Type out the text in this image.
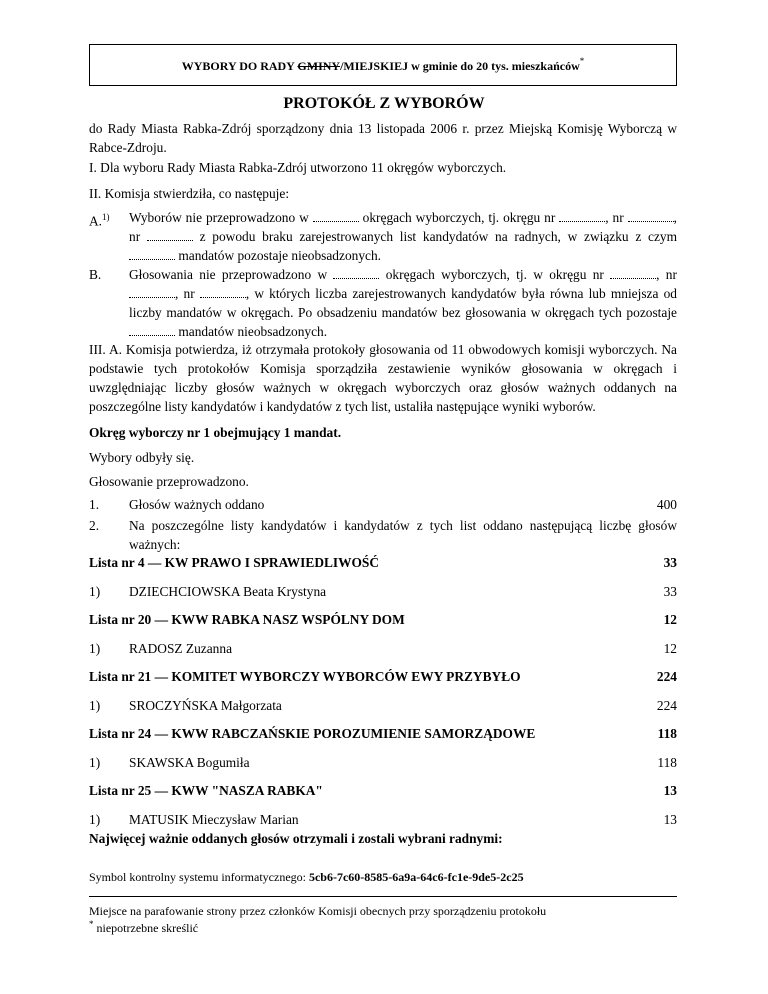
WYBORY DO RADY GMINY/MIEJSKIEJ w gminie do 20 tys. mieszkańców*
PROTOKÓŁ Z WYBORÓW
do Rady Miasta Rabka-Zdrój sporządzony dnia 13 listopada 2006 r. przez Miejską Komisję Wyborczą w Rabce-Zdroju.
I. Dla wyboru Rady Miasta Rabka-Zdrój utworzono 11 okręgów wyborczych.
II. Komisja stwierdziła, co następuje:
A.$^{1)}$ Wyborów nie przeprowadzono w	okręgach wyborczych, tj. okręgu nr	, nr	, nr	z powodu braku zarejestrowanych list kandydatów na radnych, w związku z czym  mandatów pozostaje nieobsadzonych.
B. Głosowania nie przeprowadzono w	okręgach wyborczych, tj. w okręgu nr	, nr , nr	, w których liczba zarejestrowanych kandydatów była równa lub mniejsza od liczby mandatów w okręgach. Po obsadzeniu mandatów bez głosowania w okręgach tych pozostaje  mandatów nieobsadzonych.
III. A. Komisja potwierdza, iż otrzymała protokoły głosowania od 11 obwodowych komisji wyborczych. Na podstawie tych protokołów Komisja sporządziła zestawienie wyników głosowania w okręgach i uwzględniając liczby głosów ważnych w okręgach wyborczych oraz głosów ważnych oddanych na poszczególne listy kandydatów i kandydatów z tych list, ustaliła następujące wyniki wyborów.
Okręg wyborczy nr 1 obejmujący 1 mandat.
Wybory odbyły się.
Głosowanie przeprowadzono.
1. Głosów ważnych oddano	400
2. Na poszczególne listy kandydatów i kandydatów z tych list oddano następującą liczbę głosów ważnych:
Lista nr 4 — KW PRAWO I SPRAWIEDLIWOŚĆ	33
1) DZIECHCIOWSKA Beata Krystyna	33
Lista nr 20 — KWW RABKA NASZ WSPÓLNY DOM	12
1) RADOSZ Zuzanna	12
Lista nr 21 — KOMITET WYBORCZY WYBORCÓW EWY PRZYBYŁO	224
1) SROCZYŃSKA Małgorzata	224
Lista nr 24 — KWW RABCZAŃSKIE POROZUMIENIE SAMORZĄDOWE	118
1) SKAWSKA Bogumiła	118
Lista nr 25 — KWW "NASZA RABKA"	13
1) MATUSIK Mieczysław Marian	13
Najwięcej ważnie oddanych głosów otrzymali i zostali wybrani radnymi:
Symbol kontrolny systemu informatycznego: 5cb6-7c60-8585-6a9a-64c6-fc1e-9de5-2c25
Miejsce na parafowanie strony przez członków Komisji obecnych przy sporządzeniu protokołu
* niepotrzebne skreślić
